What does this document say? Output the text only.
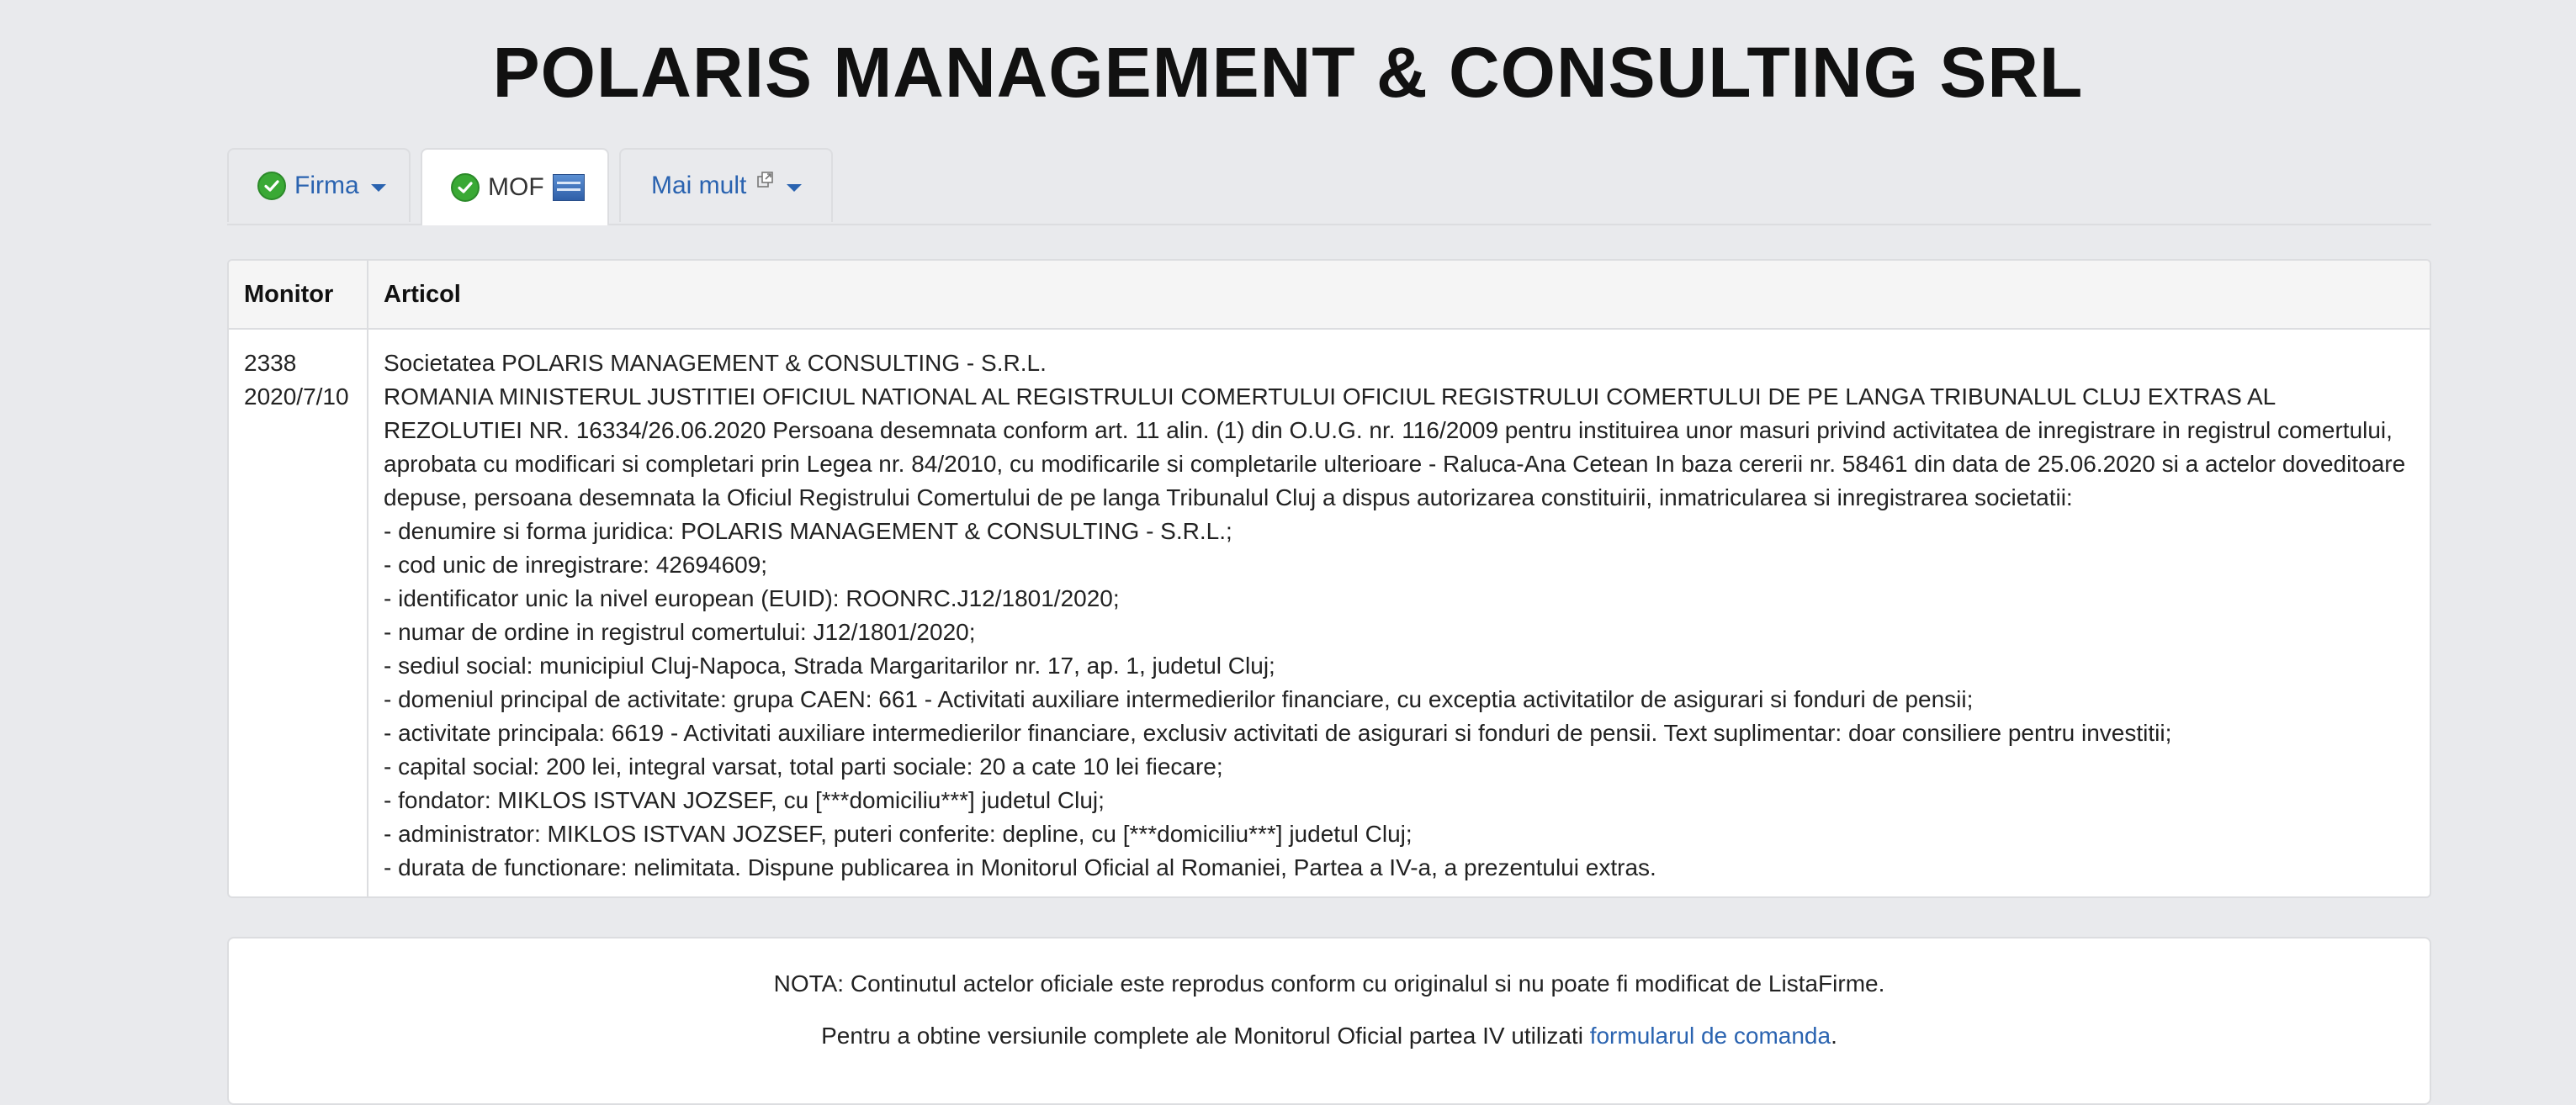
POLARIS MANAGEMENT & CONSULTING SRL
Firma	MOF	Mai mult
Monitor Articol
2338
2020/7/10

Societatea POLARIS MANAGEMENT & CONSULTING - S.R.L.

ROMANIA MINISTERUL JUSTITIEI OFICIUL NATIONAL AL REGISTRULUI COMERTULUI OFICIUL REGISTRULUI COMERTULUI DE PE LANGA TRIBUNALUL CLUJ EXTRAS AL REZOLUTIEI NR. 16334/26.06.2020 Persoana desemnata conform art. 11 alin. (1) din O.U.G. nr. 116/2009 pentru instituirea unor masuri privind activitatea de inregistrare in registrul comertului, aprobata cu modificari si completari prin Legea nr. 84/2010, cu modificarile si completarile ulterioare - Raluca-Ana Cetean In baza cererii nr. 58461 din data de 25.06.2020 si a actelor doveditoare depuse, persoana desemnata la Oficiul Registrului Comertului de pe langa Tribunalul Cluj a dispus autorizarea constituirii, inmatricularea si inregistrarea societatii:

- denumire si forma juridica: POLARIS MANAGEMENT & CONSULTING - S.R.L.;

- cod unic de inregistrare: 42694609;

- identificator unic la nivel european (EUID): ROONRC.J12/1801/2020;

- numar de ordine in registrul comertului: J12/1801/2020;

- sediul social: municipiul Cluj-Napoca, Strada Margaritarilor nr. 17, ap. 1, judetul Cluj;

- domeniul principal de activitate: grupa CAEN: 661 - Activitati auxiliare intermedierilor financiare, cu exceptia activitatilor de asigurari si fonduri de pensii;

- activitate principala: 6619 - Activitati auxiliare intermedierilor financiare, exclusiv activitati de asigurari si fonduri de pensii. Text suplimentar: doar consiliere pentru investitii;

- capital social: 200 lei, integral varsat, total parti sociale: 20 a cate 10 lei fiecare;

- fondator: MIKLOS ISTVAN JOZSEF, cu [***domiciliu***] judetul Cluj;

- administrator: MIKLOS ISTVAN JOZSEF, puteri conferite: depline, cu [***domiciliu***] judetul Cluj;

- durata de functionare: nelimitata. Dispune publicarea in Monitorul Oficial al Romaniei, Partea a IV-a, a prezentului extras.

NOTA: Continutul actelor oficiale este reprodus conform cu originalul si nu poate fi modificat de ListaFirme.
Pentru a obtine versiunile complete ale Monitorul Oficial partea IV utilizati formularul de comanda.
